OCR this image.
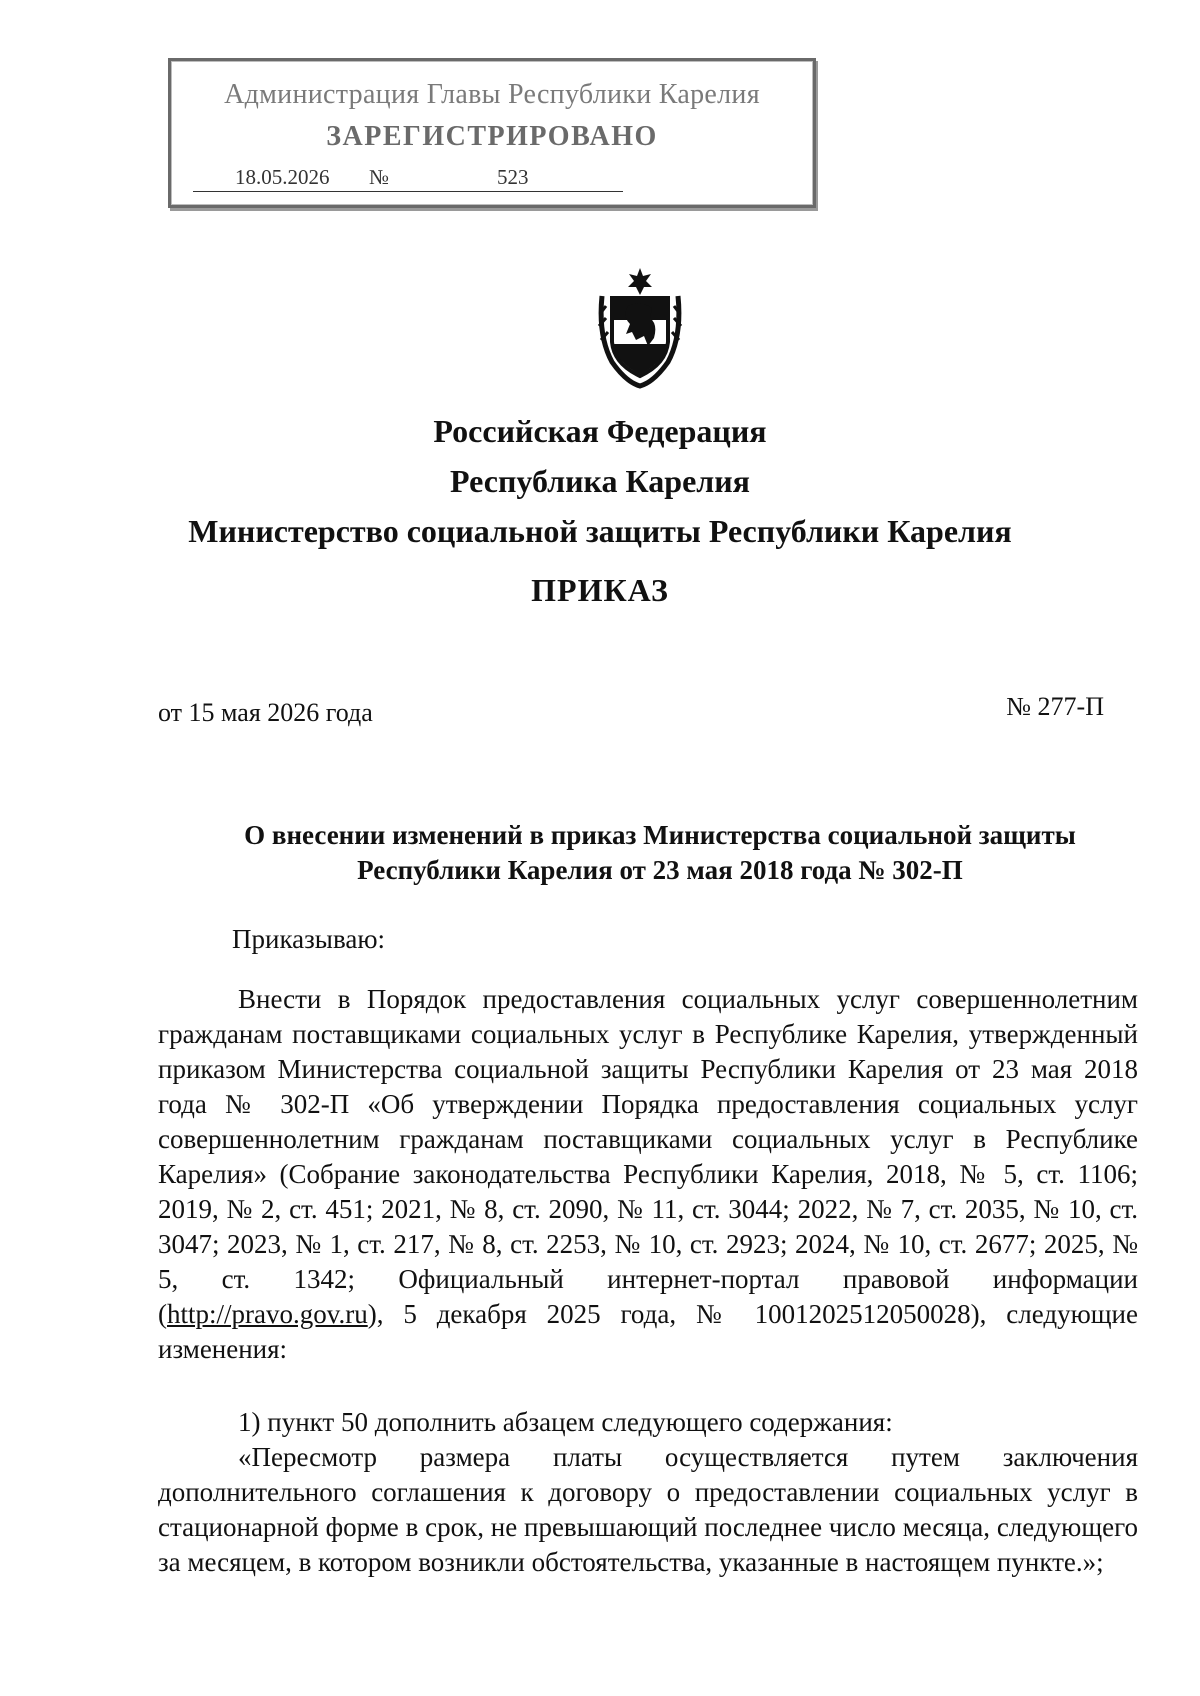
Администрация Главы Республики Карелия
ЗАРЕГИСТРИРОВАНО
18.05.2026 №	523
Российская Федерация
Республика Карелия
Министерство социальной защиты Республики Карелия
ПРИКАЗ
от 15 мая 2026 года	№ 277-П
О внесении изменений в приказ Министерства социальной защиты
Республики Карелия от 23 мая 2018 года № 302-П
Приказываю:

Внести в Порядок предоставления социальных услуг совершеннолетним гражданам поставщиками социальных услуг в Республике Карелия, утвержденный приказом Министерства социальной защиты Республики Карелия от 23 мая 2018 года № 302-П «Об утверждении Порядка предоставления социальных услуг совершеннолетним гражданам поставщиками социальных услуг в Республике Карелия» (Собрание законодательства Республики Карелия, 2018, № 5, ст. 1106; 2019, № 2, ст. 451; 2021, № 8, ст. 2090, № 11, ст. 3044; 2022, № 7, ст. 2035, № 10, ст. 3047; 2023, № 1, ст. 217, № 8, ст. 2253, № 10, ст. 2923; 2024, № 10, ст. 2677; 2025, № 5, ст. 1342; Официальный интернет-портал правовой информации (http://pravo.gov.ru), 5 декабря 2025 года, № 1001202512050028), следующие изменения:

1) пункт 50 дополнить абзацем следующего содержания:

«Пересмотр размера платы осуществляется путем заключения дополнительного соглашения к договору о предоставлении социальных услуг в стационарной форме в срок, не превышающий последнее число месяца, следующего за месяцем, в котором возникли обстоятельства, указанные в настоящем пункте.»;
